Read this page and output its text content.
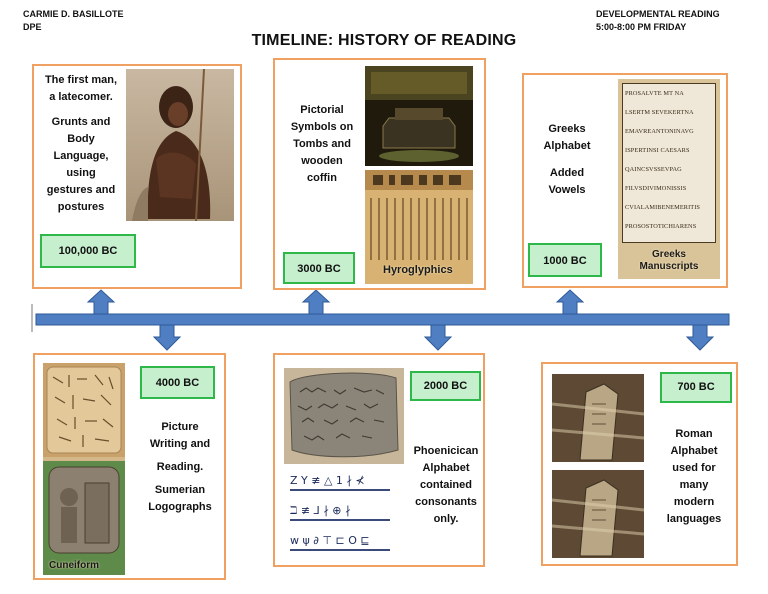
CARMIE D. BASILLOTE
DPE
DEVELOPMENTAL READING
5:00-8:00 PM FRIDAY
TIMELINE: HISTORY OF READING
The first man,
a latecomer.
Grunts and
Body
Language,
using
gestures and
postures
100,000 BC
Pictorial
Symbols on
Tombs and
wooden
coffin
Hyroglyphics
3000 BC
Greeks
Alphabet
Added
Vowels
PROSALVTE MT NA
LSERTM SEVEKERTNA
EMAVREANTONINAVG
ISPERTINSI CAESARS
QAINCSVSSEVPAG
FILVSDIVIMONISSIS
CVIALAMIBENEMERITIS
PROSOSTOTICHIARENS
Greeks
Manuscripts
1000 BC
Cuneiform
4000 BC
Picture
Writing and
Reading.
Sumerian
Logographs
Z Y ≢ △ 1 ∤ ⊀
ℶ ≢ ⅃ ∤ ⊕ ∤
w ψ ∂ ⊤ ⊏ O ⊑
2000 BC
Phoenicican
Alphabet
contained
consonants
only.
700 BC
Roman
Alphabet
used for
many
modern
languages
